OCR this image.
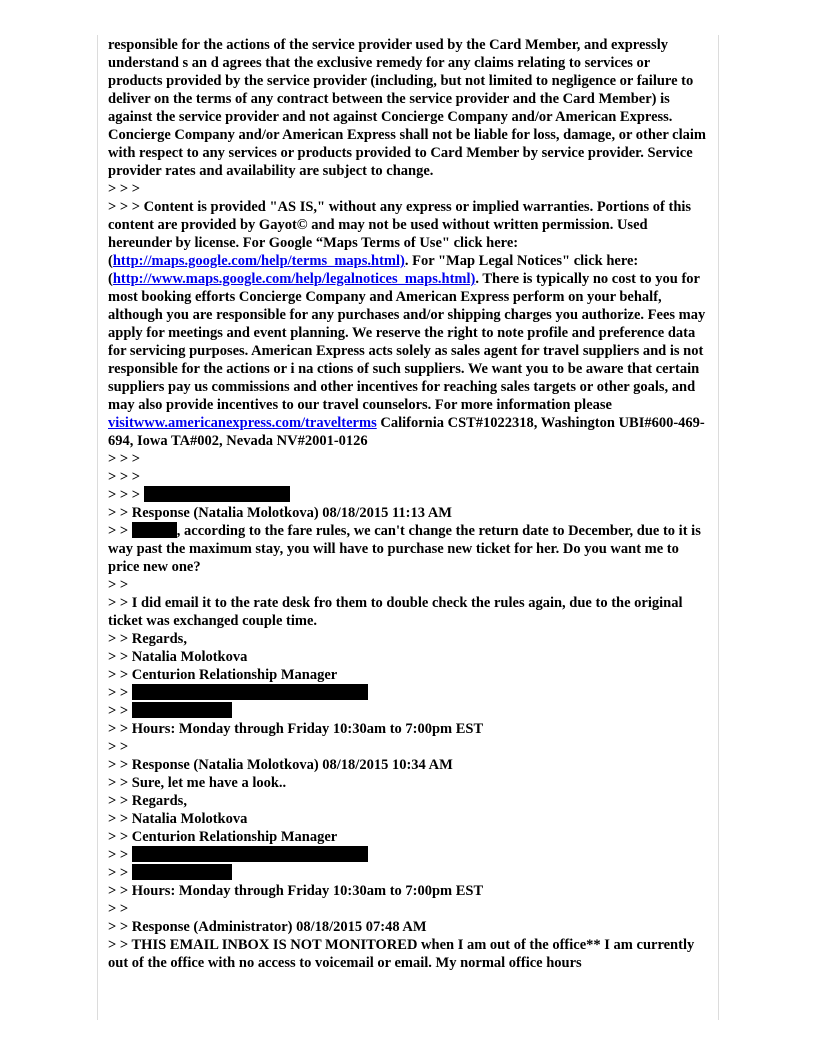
responsible for the actions of the service provider used by the Card Member, and expressly understand s an d agrees that the exclusive remedy for any claims relating to services or products provided by the service provider (including, but not limited to negligence or failure to deliver on the terms of any contract between the service provider and the Card Member) is against the service provider and not against Concierge Company and/or American Express. Concierge Company and/or American Express shall not be liable for loss, damage, or other claim with respect to any services or products provided to Card Member by service provider. Service provider rates and availability are subject to change.

> > >

> > > Content is provided "AS IS," without any express or implied warranties. Portions of this content are provided by Gayot© and may not be used without written permission. Used hereunder by license. For Google “Maps Terms of Use" click here: (http://maps.google.com/help/terms_maps.html). For "Map Legal Notices" click here: (http://www.maps.google.com/help/legalnotices_maps.html). There is typically no cost to you for most booking efforts Concierge Company and American Express perform on your behalf, although you are responsible for any purchases and/or shipping charges you authorize. Fees may apply for meetings and event planning. We reserve the right to note profile and preference data for servicing purposes. American Express acts solely as sales agent for travel suppliers and is not responsible for the actions or i na ctions of such suppliers. We want you to be aware that certain suppliers pay us commissions and other incentives for reaching sales targets or other goals, and may also provide incentives to our travel counselors. For more information please visitwww.americanexpress.com/travelterms California CST#1022318, Washington UBI#600-469-694, Iowa TA#002, Nevada NV#2001-0126

> > >

> > >

> > >

> > Response (Natalia Molotkova) 08/18/2015 11:13 AM

> >	, according to the fare rules, we can't change the return date to December, due to it is way past the maximum stay, you will have to purchase new ticket for her. Do you want me to price new one?

> >

> > I did email it to the rate desk fro them to double check the rules again, due to the original ticket was exchanged couple time.

> > Regards,

> > Natalia Molotkova

> > Centurion Relationship Manager

> >

> >

> > Hours: Monday through Friday 10:30am to 7:00pm EST

> >

> > Response (Natalia Molotkova) 08/18/2015 10:34 AM

> > Sure, let me have a look..

> > Regards,

> > Natalia Molotkova

> > Centurion Relationship Manager

> >

> >

> > Hours: Monday through Friday 10:30am to 7:00pm EST

> >

> > Response (Administrator) 08/18/2015 07:48 AM

> > THIS EMAIL INBOX IS NOT MONITORED when I am out of the office** I am currently out of the office with no access to voicemail or email. My normal office hours
